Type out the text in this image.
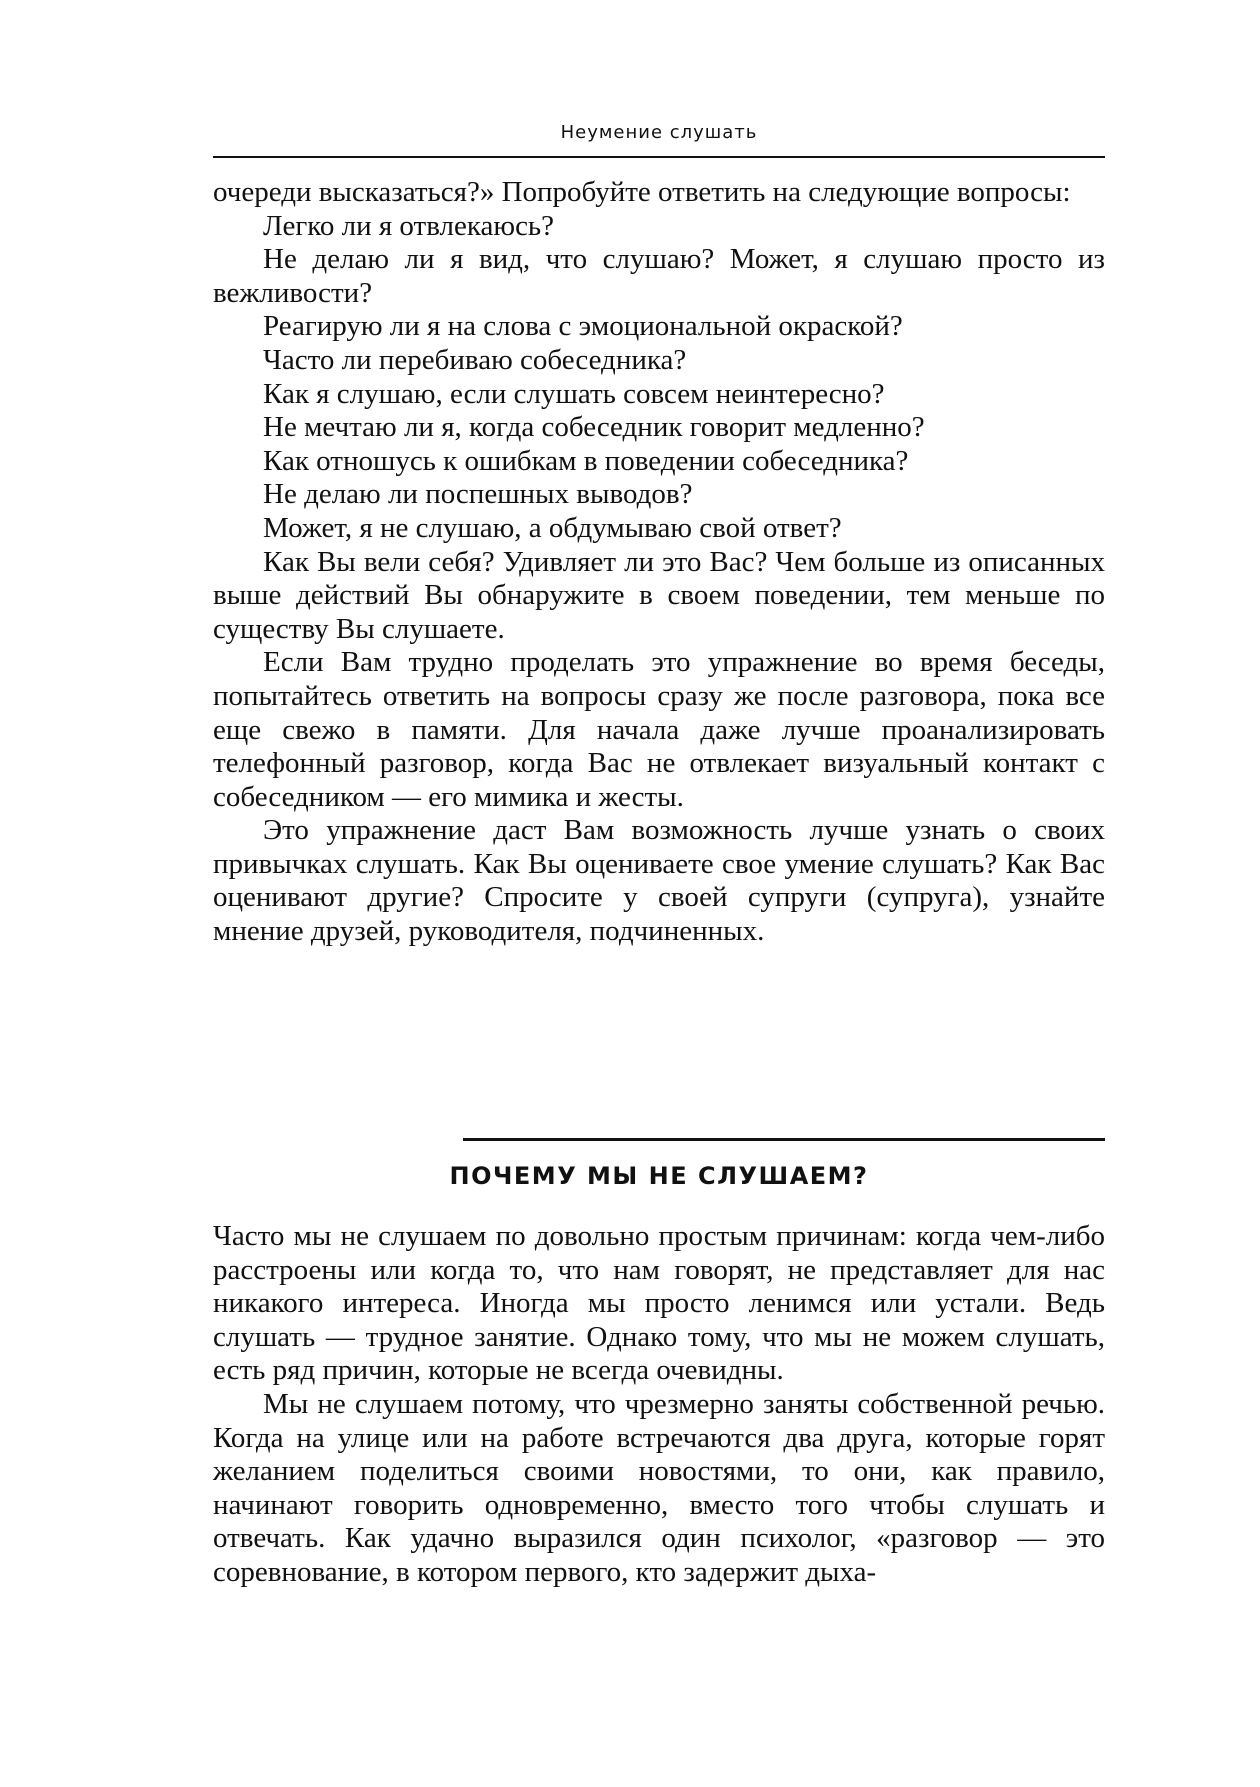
Неумение слушать

очереди высказаться?» Попробуйте ответить на следующие вопросы:

Легко ли я отвлекаюсь?

Не делаю ли я вид, что слушаю? Может, я слушаю просто из вежливости?

Реагирую ли я на слова с эмоциональной окраской?

Часто ли перебиваю собеседника?

Как я слушаю, если слушать совсем неинтересно?

Не мечтаю ли я, когда собеседник говорит медленно?

Как отношусь к ошибкам в поведении собеседника?

Не делаю ли поспешных выводов?

Может, я не слушаю, а обдумываю свой ответ?

Как Вы вели себя? Удивляет ли это Вас? Чем больше из описанных выше действий Вы обнаружите в своем поведении, тем меньше по существу Вы слушаете.

Если Вам трудно проделать это упражнение во время беседы, попытайтесь ответить на вопросы сразу же после разговора, пока все еще свежо в памяти. Для начала даже лучше проанализировать телефонный разговор, когда Вас не отвлекает визуальный контакт с собеседником — его мимика и жесты.

Это упражнение даст Вам возможность лучше узнать о своих привычках слушать. Как Вы оцениваете свое умение слушать? Как Вас оценивают другие? Спросите у своей супруги (супруга), узнайте мнение друзей, руководителя, подчиненных.

ПОЧЕМУ МЫ НЕ СЛУШАЕМ?

Часто мы не слушаем по довольно простым причинам: когда чем-либо расстроены или когда то, что нам говорят, не представляет для нас никакого интереса. Иногда мы просто ленимся или устали. Ведь слушать — трудное занятие. Однако тому, что мы не можем слушать, есть ряд причин, которые не всегда очевидны.

Мы не слушаем потому, что чрезмерно заняты собственной речью. Когда на улице или на работе встречаются два друга, которые горят желанием поделиться своими новостями, то они, как правило, начинают говорить одновременно, вместо того чтобы слушать и отвечать. Как удачно выразился один психолог, «разговор — это соревнование, в котором первого, кто задержит дыха-
